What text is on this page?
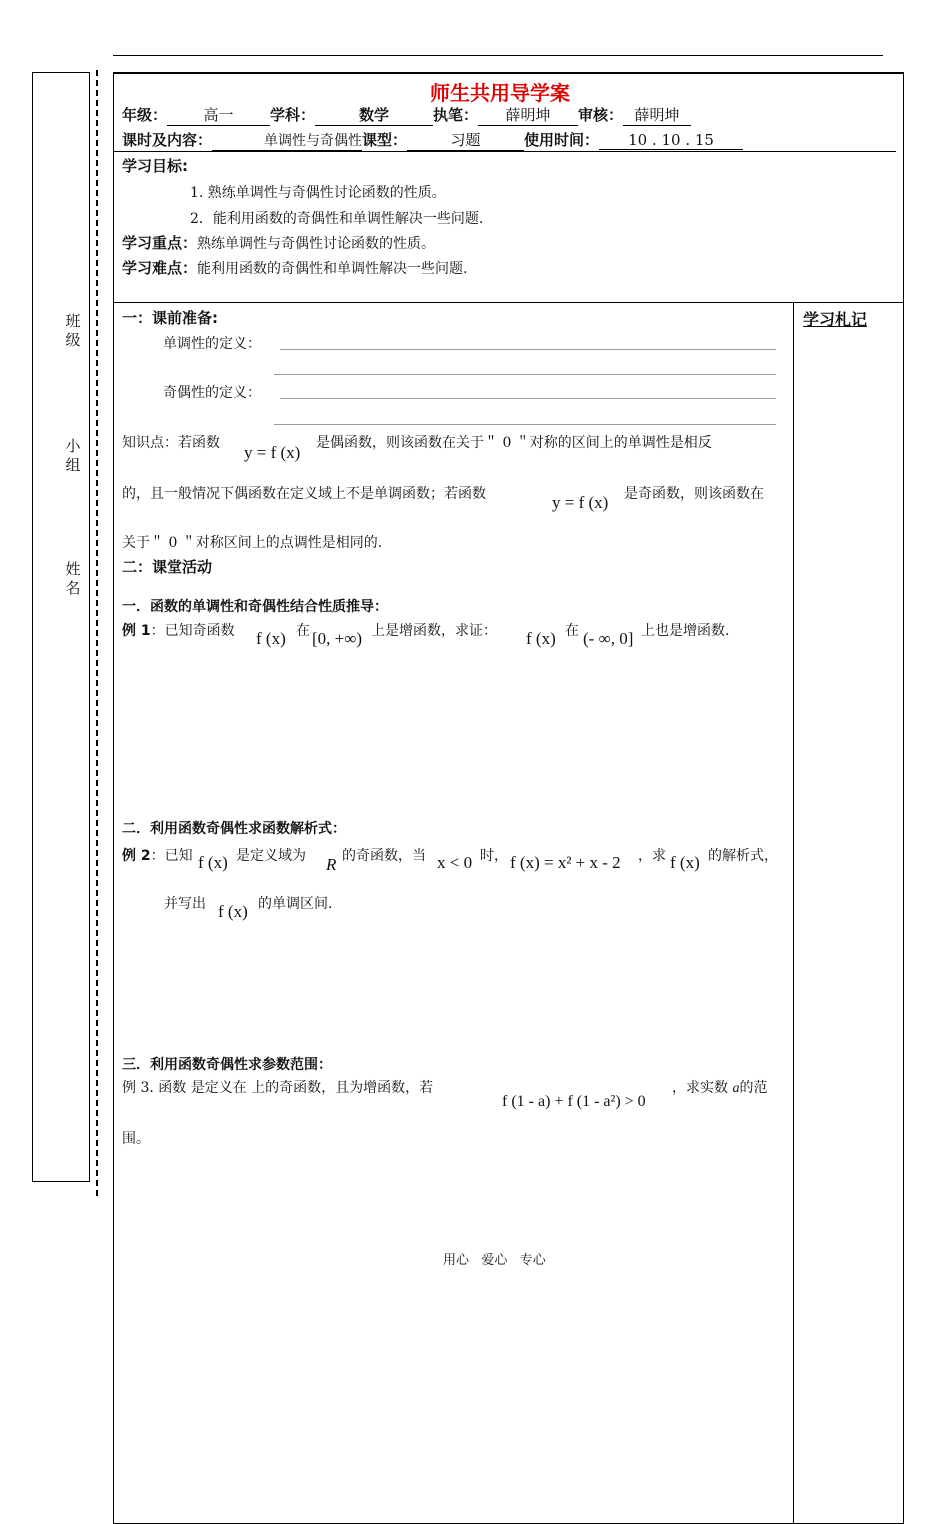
班级
小组
姓名
师生共用导学案
年级： 高一 学科：	数学	执笔： 薛明坤 审核： 薛明坤
课时及内容：	单调性与奇偶性课型：	习题	使用时间： 10 . 10 . 15
学习目标:
1. 熟练单调性与奇偶性讨论函数的性质。
2．能利用函数的奇偶性和单调性解决一些问题.
学习重点：熟练单调性与奇偶性讨论函数的性质。
学习难点：能利用函数的奇偶性和单调性解决一些问题.
学习札记
一：课前准备:
单调性的定义：
奇偶性的定义：
知识点：若函数 y = f (x) 是偶函数，则该函数在关于＂ 0 ＂对称的区间上的单调性是相反
的，且一般情况下偶函数在定义域上不是单调函数；若函数	y = f (x) 是奇函数，则该函数在
关于＂ 0 ＂对称区间上的点调性是相同的.
二：课堂活动
一．函数的单调性和奇偶性结合性质推导：
例 1：已知奇函数 f (x) 在 [0, +∞) 上是增函数，求证： f (x) 在 (- ∞, 0] 上也是增函数.
二．利用函数奇偶性求函数解析式：
例 2：已知 f (x) 是定义域为 R 的奇函数，当 x < 0 时， f (x) = x² + x - 2 ，求 f (x) 的解析式，
并写出 f (x) 的单调区间.
三．利用函数奇偶性求参数范围：
例 3. 函数 是定义在 上的奇函数，且为增函数，若
f (1 - a) + f (1 - a²) > 0
，求实数 a的范
围。
用心   爱心   专心
